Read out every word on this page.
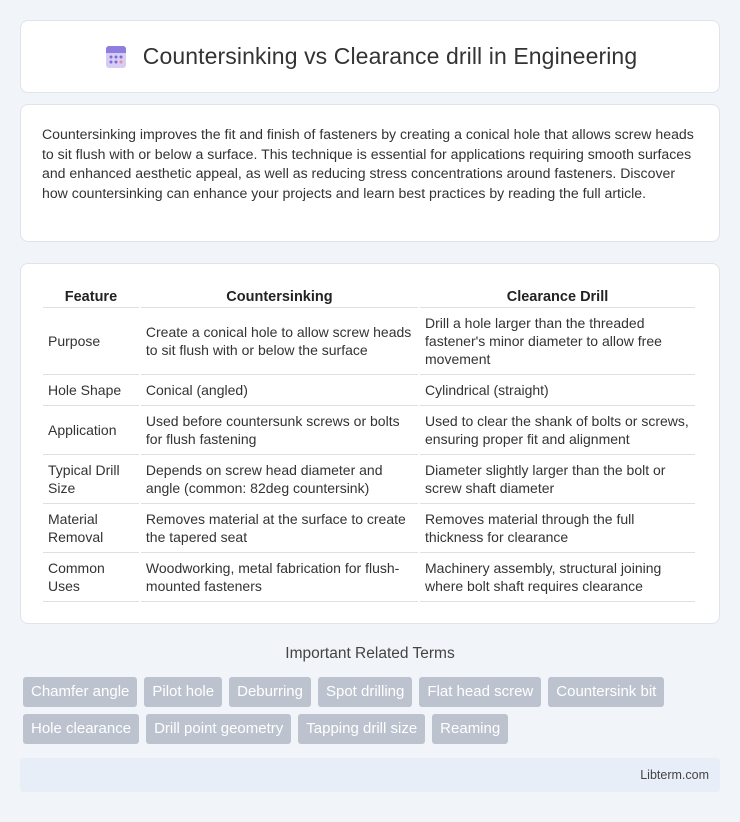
Countersinking vs Clearance drill in Engineering

Countersinking improves the fit and finish of fasteners by creating a conical hole that allows screw heads to sit flush with or below a surface. This technique is essential for applications requiring smooth surfaces and enhanced aesthetic appeal, as well as reducing stress concentrations around fasteners. Discover how countersinking can enhance your projects and learn best practices by reading the full article.

Feature	Countersinking	Clearance Drill
Purpose	Create a conical hole to allow screw heads to sit flush with or below the surface	Drill a hole larger than the threaded fastener's minor diameter to allow free movement
Hole Shape	Conical (angled)	Cylindrical (straight)
Application	Used before countersunk screws or bolts for flush fastening	Used to clear the shank of bolts or screws, ensuring proper fit and alignment
Typical Drill Size	Depends on screw head diameter and angle (common: 82deg countersink)	Diameter slightly larger than the bolt or screw shaft diameter
Material Removal	Removes material at the surface to create the tapered seat	Removes material through the full thickness for clearance
Common Uses	Woodworking, metal fabrication for flush-mounted fasteners	Machinery assembly, structural joining where bolt shaft requires clearance
Important Related Terms
Chamfer angle	Pilot hole	Deburring	Spot drilling	Flat head screw	Countersink bit
Hole clearance	Drill point geometry	Tapping drill size	Reaming
Libterm.com
